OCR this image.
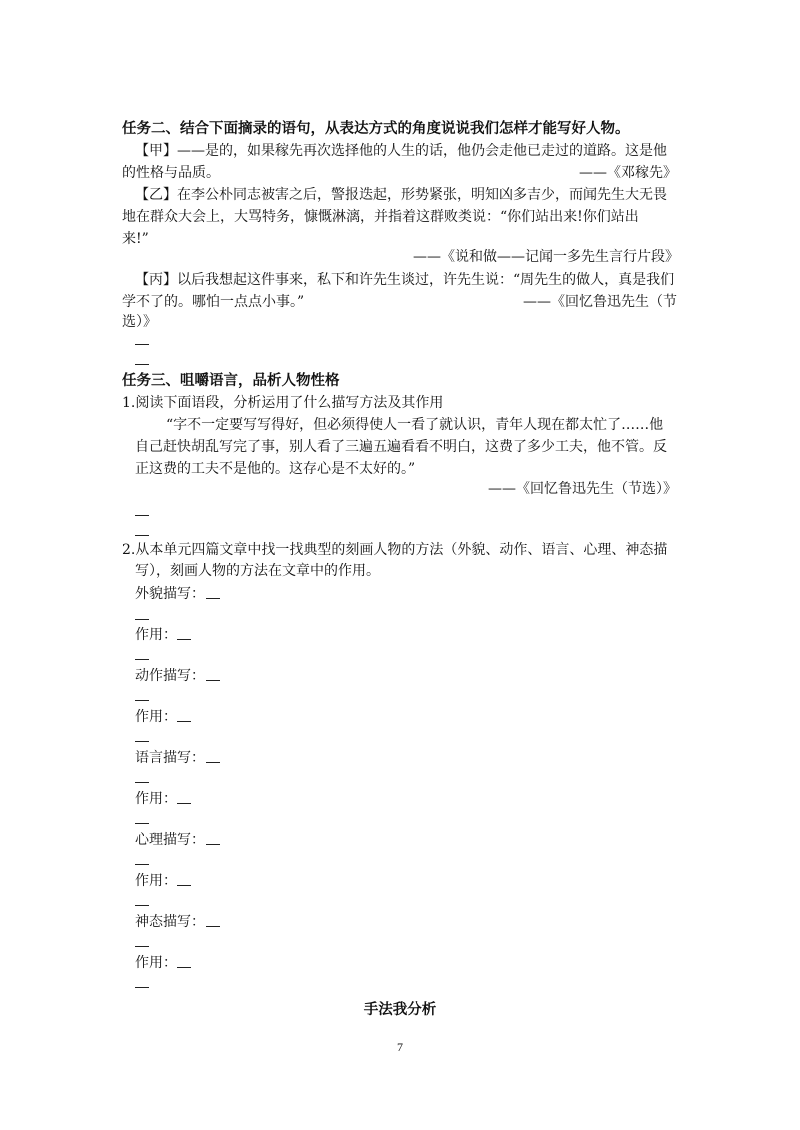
任务二、结合下面摘录的语句，从表达方式的角度说说我们怎样才能写好人物。
【甲】——是的，如果稼先再次选择他的人生的话，他仍会走他已走过的道路。这是他
的性格与品质。	——《邓稼先》
【乙】在李公朴同志被害之后，警报迭起，形势紧张，明知凶多吉少，而闻先生大无畏
地在群众大会上，大骂特务，慷慨淋漓，并指着这群败类说：“你们站出来!你们站出
来!”
——《说和做——记闻一多先生言行片段》
【丙】以后我想起这件事来，私下和许先生谈过，许先生说：“周先生的做人，真是我们
学不了的。哪怕一点点小事。”	——《回忆鲁迅先生（节
选）》
任务三、咀嚼语言，品析人物性格
1.阅读下面语段，分析运用了什么描写方法及其作用
“字不一定要写写得好，但必须得使人一看了就认识，青年人现在都太忙了……他
自己赶快胡乱写完了事，别人看了三遍五遍看看不明白，这费了多少工夫，他不管。反
正这费的工夫不是他的。这存心是不太好的。”
——《回忆鲁迅先生（节选）》
2.从本单元四篇文章中找一找典型的刻画人物的方法（外貌、动作、语言、心理、神态描
写），刻画人物的方法在文章中的作用。
外貌描写：
作用：
动作描写：
作用：
语言描写：
作用：
心理描写：
作用：
神态描写：
作用：
手法我分析
7
